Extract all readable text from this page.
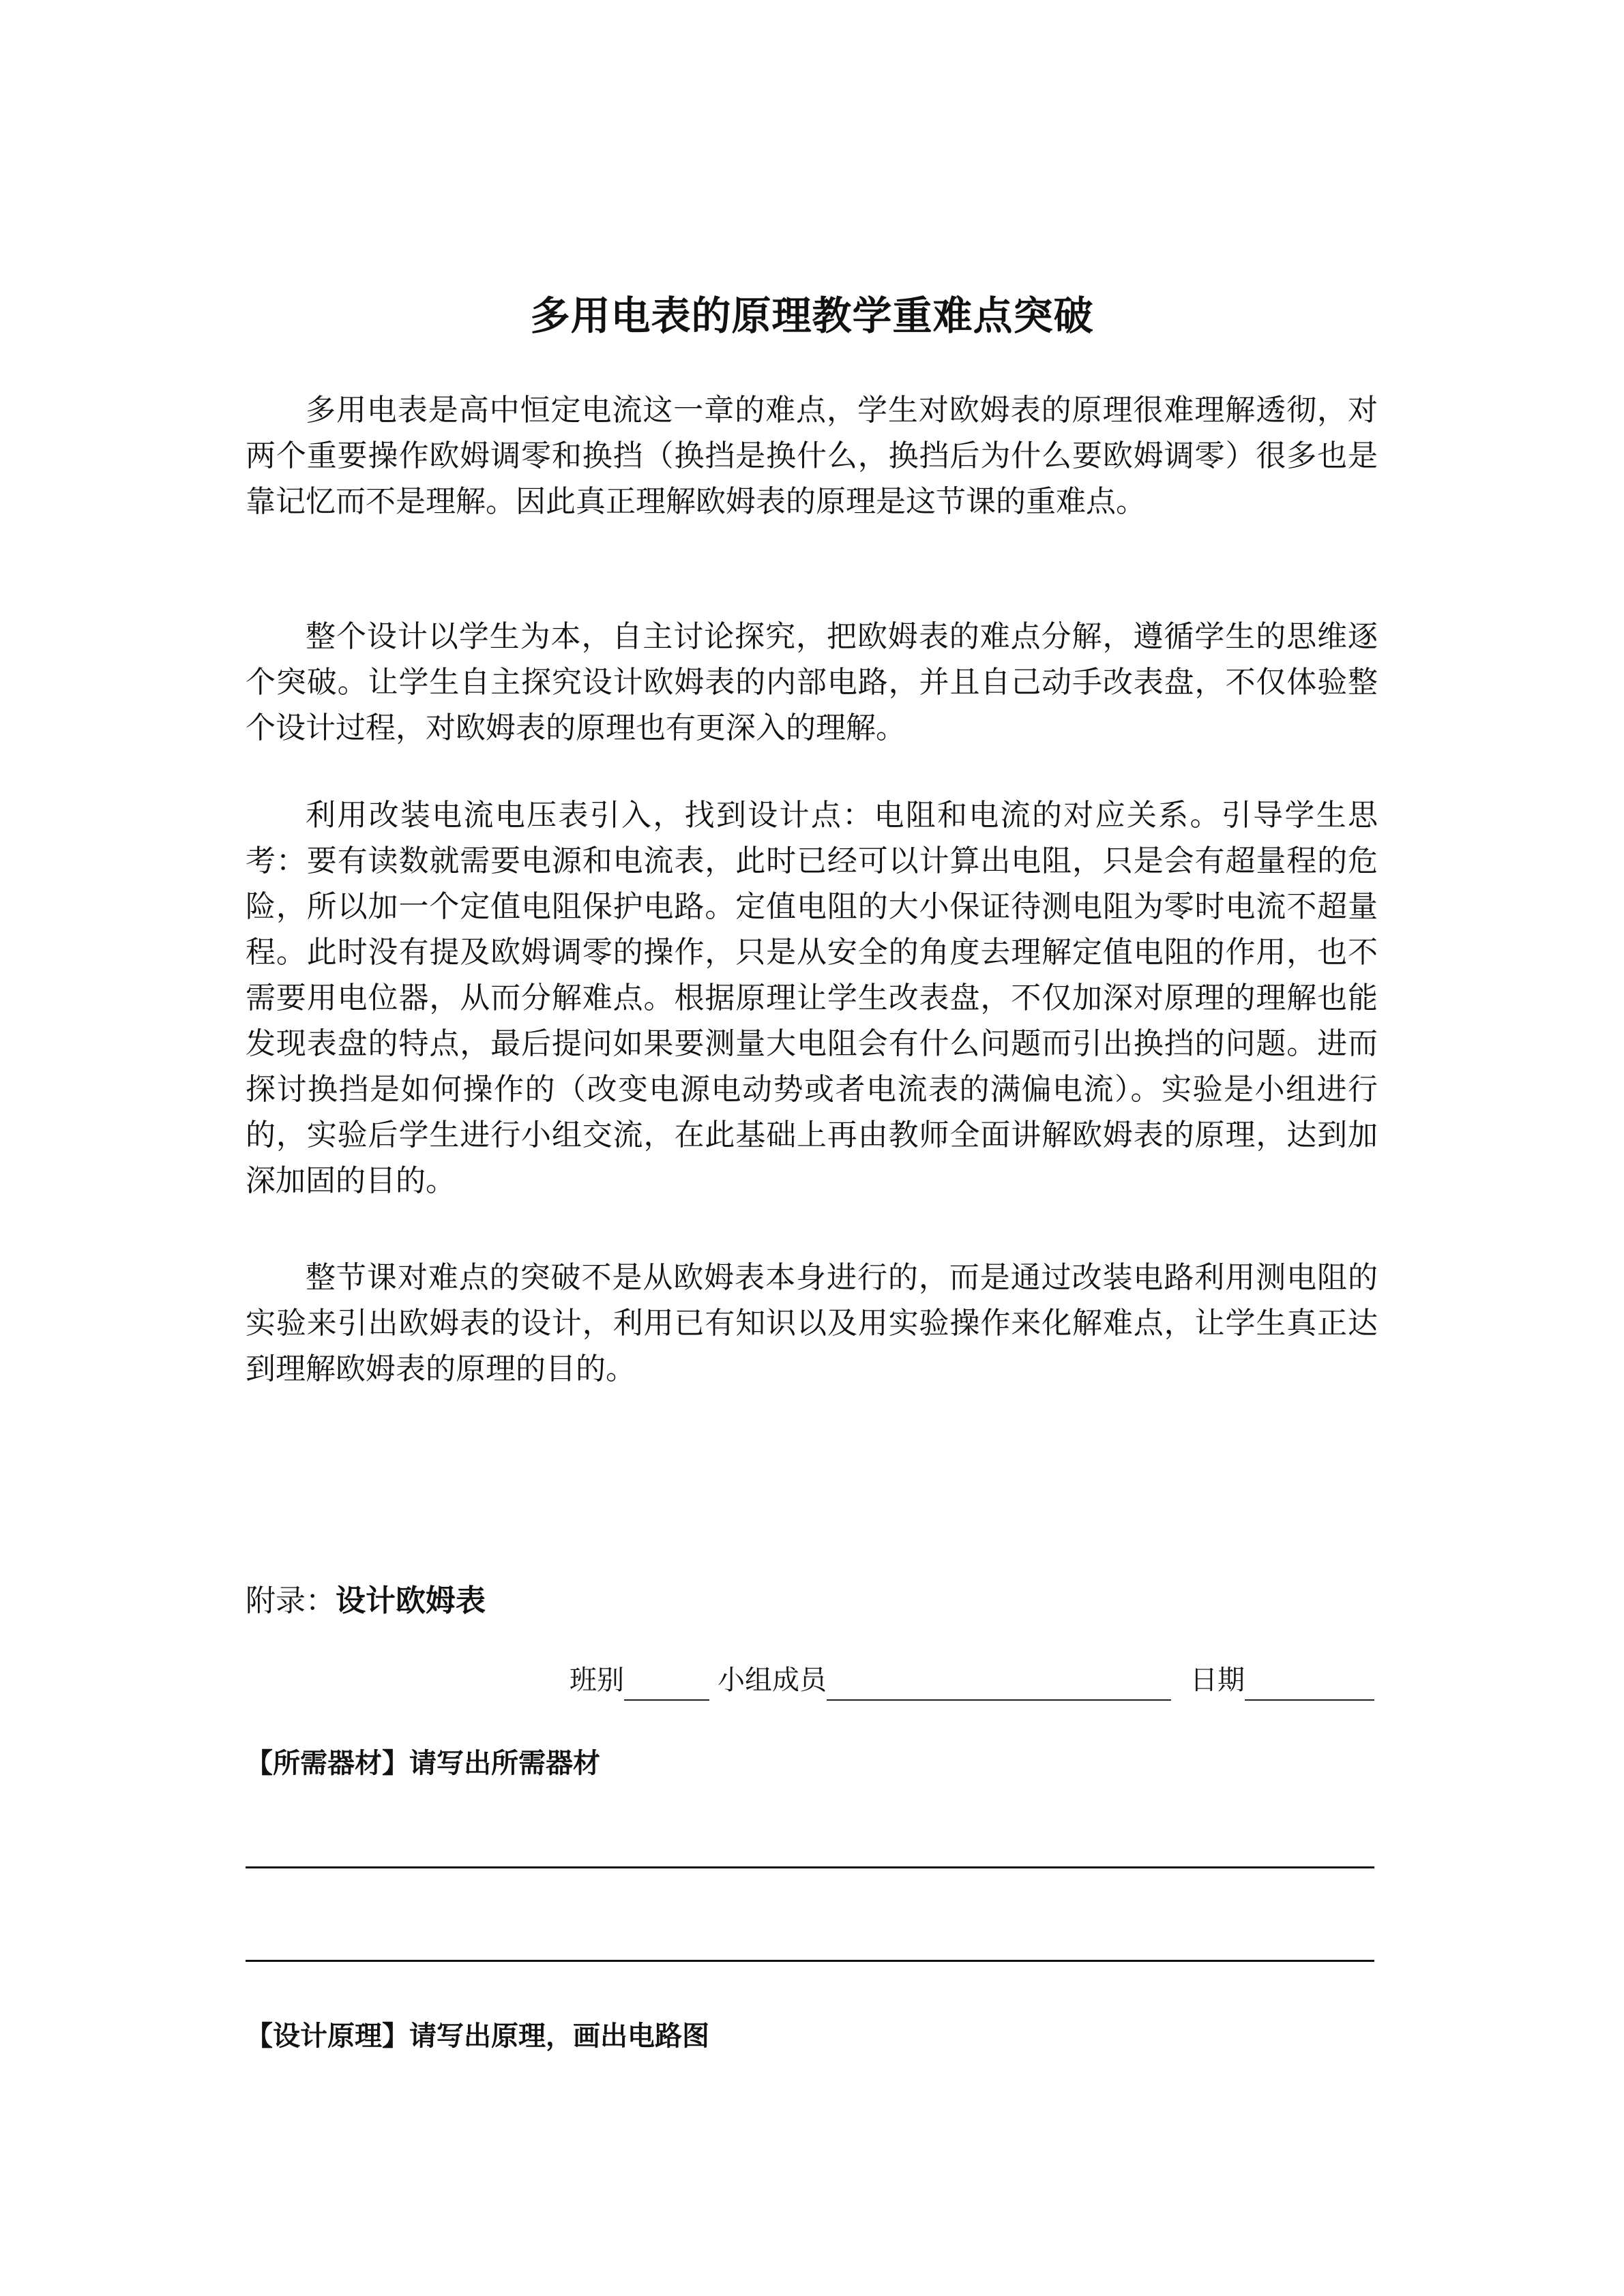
多用电表的原理教学重难点突破

多用电表是高中恒定电流这一章的难点，学生对欧姆表的原理很难理解透彻，对两个重要操作欧姆调零和换挡（换挡是换什么，换挡后为什么要欧姆调零）很多也是靠记忆而不是理解。因此真正理解欧姆表的原理是这节课的重难点。

整个设计以学生为本，自主讨论探究，把欧姆表的难点分解，遵循学生的思维逐个突破。让学生自主探究设计欧姆表的内部电路，并且自己动手改表盘，不仅体验整个设计过程，对欧姆表的原理也有更深入的理解。

利用改装电流电压表引入，找到设计点：电阻和电流的对应关系。引导学生思考：要有读数就需要电源和电流表，此时已经可以计算出电阻，只是会有超量程的危险，所以加一个定值电阻保护电路。定值电阻的大小保证待测电阻为零时电流不超量程。此时没有提及欧姆调零的操作，只是从安全的角度去理解定值电阻的作用，也不需要用电位器，从而分解难点。根据原理让学生改表盘，不仅加深对原理的理解也能发现表盘的特点，最后提问如果要测量大电阻会有什么问题而引出换挡的问题。进而探讨换挡是如何操作的（改变电源电动势或者电流表的满偏电流）。实验是小组进行的，实验后学生进行小组交流，在此基础上再由教师全面讲解欧姆表的原理，达到加深加固的目的。

整节课对难点的突破不是从欧姆表本身进行的，而是通过改装电路利用测电阻的实验来引出欧姆表的设计，利用已有知识以及用实验操作来化解难点，让学生真正达到理解欧姆表的原理的目的。

附录：设计欧姆表
班别	小组成员	日期
【所需器材】请写出所需器材
【设计原理】请写出原理，画出电路图
